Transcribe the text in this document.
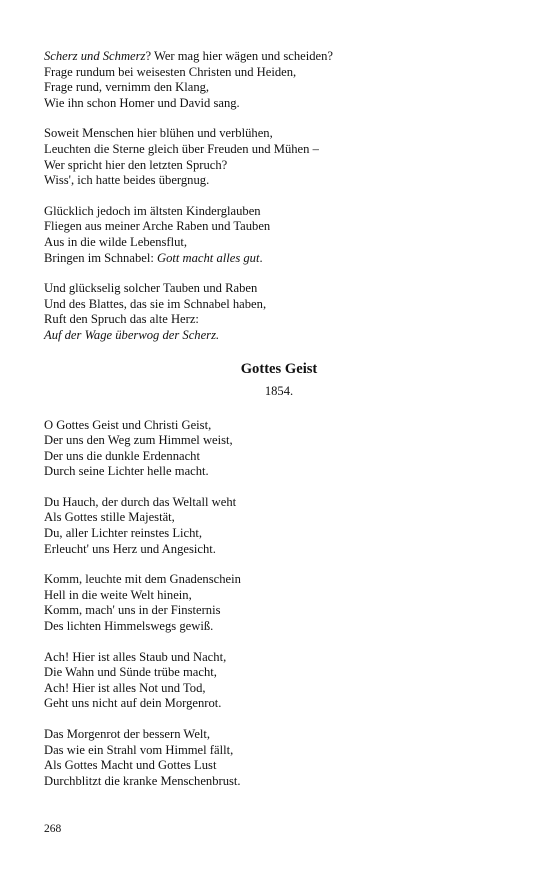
Scherz und Schmerz? Wer mag hier wägen und scheiden?
Frage rundum bei weisesten Christen und Heiden,
Frage rund, vernimm den Klang,
Wie ihn schon Homer und David sang.
Soweit Menschen hier blühen und verblühen,
Leuchten die Sterne gleich über Freuden und Mühen –
Wer spricht hier den letzten Spruch?
Wiss', ich hatte beides übergnug.
Glücklich jedoch im ältsten Kinderglauben
Fliegen aus meiner Arche Raben und Tauben
Aus in die wilde Lebensflut,
Bringen im Schnabel: Gott macht alles gut.
Und glückselig solcher Tauben und Raben
Und des Blattes, das sie im Schnabel haben,
Ruft den Spruch das alte Herz:
Auf der Wage überwog der Scherz.
Gottes Geist
1854.
O Gottes Geist und Christi Geist,
Der uns den Weg zum Himmel weist,
Der uns die dunkle Erdennacht
Durch seine Lichter helle macht.
Du Hauch, der durch das Weltall weht
Als Gottes stille Majestät,
Du, aller Lichter reinstes Licht,
Erleucht' uns Herz und Angesicht.
Komm, leuchte mit dem Gnadenschein
Hell in die weite Welt hinein,
Komm, mach' uns in der Finsternis
Des lichten Himmelswegs gewiß.
Ach! Hier ist alles Staub und Nacht,
Die Wahn und Sünde trübe macht,
Ach! Hier ist alles Not und Tod,
Geht uns nicht auf dein Morgenrot.
Das Morgenrot der bessern Welt,
Das wie ein Strahl vom Himmel fällt,
Als Gottes Macht und Gottes Lust
Durchblitzt die kranke Menschenbrust.
268
